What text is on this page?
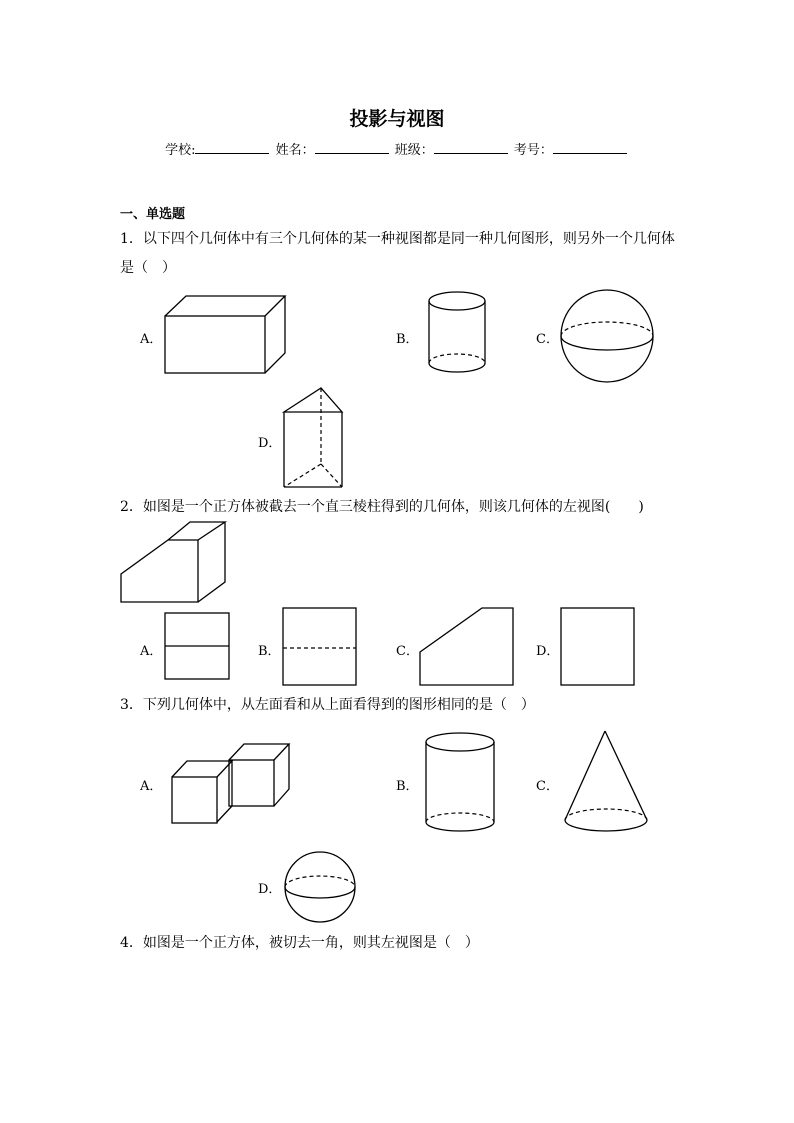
投影与视图
学校:	姓名：	班级：	考号：
一、单选题
1．以下四个几何体中有三个几何体的某一种视图都是同一种几何图形，则另外一个几何体
是（　）
A．	B．	C．
D．
2．如图是一个正方体被截去一个直三棱柱得到的几何体，则该几何体的左视图(　　)
A．	B．	C．	D．
3．下列几何体中，从左面看和从上面看得到的图形相同的是（　）
A．	B．	C．
D．
4．如图是一个正方体，被切去一角，则其左视图是（　）
